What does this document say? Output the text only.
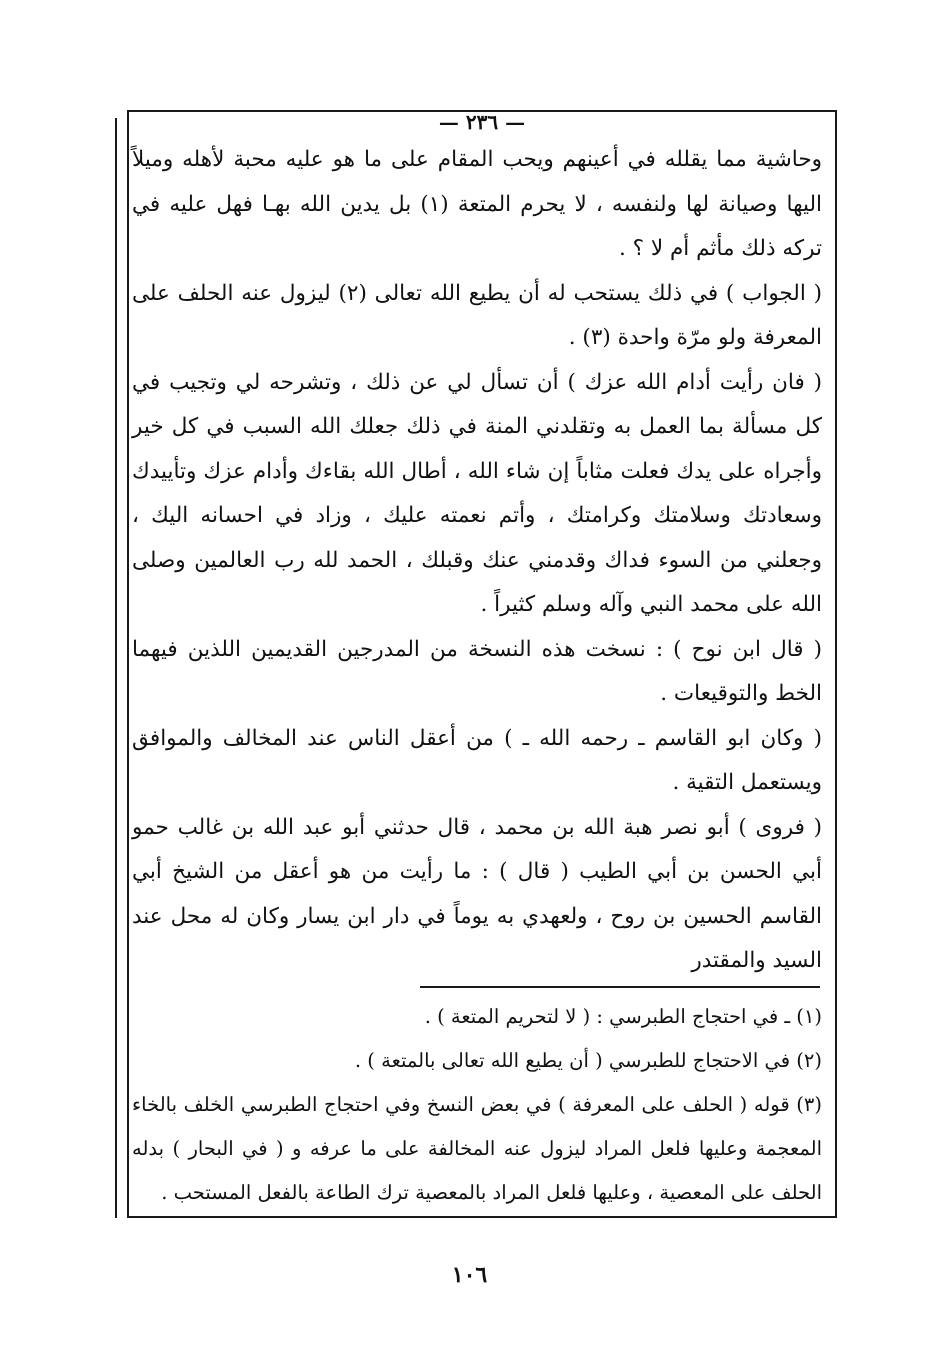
— ٢٣٦ —

وحاشية مما يقلله في أعينهم ويحب المقام على ما هو عليه محبة لأهله وميلاً اليها وصيانة لها ولنفسه ، لا يحرم المتعة (١) بل يدين الله بهـا فهل عليه في تركه ذلك مأثم أم لا ؟ .

( الجواب ) في ذلك يستحب له أن يطيع الله تعالى (٢) ليزول عنه الحلف على المعرفة ولو مرّة واحدة (٣) .

( فان رأيت أدام الله عزك ) أن تسأل لي عن ذلك ، وتشرحه لي وتجيب في كل مسألة بما العمل به وتقلدني المنة في ذلك جعلك الله السبب في كل خير وأجراه على يدك فعلت مثاباً إن شاء الله ، أطال الله بقاءك وأدام عزك وتأييدك وسعادتك وسلامتك وكرامتك ، وأتم نعمته عليك ، وزاد في احسانه اليك ، وجعلني من السوء فداك وقدمني عنك وقبلك ، الحمد لله رب العالمين وصلى الله على محمد النبي وآله وسلم كثيراً .

( قال ابن نوح ) : نسخت هذه النسخة من المدرجين القديمين اللذين فيهما الخط والتوقيعات .

( وكان ابو القاسم ـ رحمه الله ـ ) من أعقل الناس عند المخالف والموافق ويستعمل التقية .

( فروى ) أبو نصر هبة الله بن محمد ، قال حدثني أبو عبد الله بن غالب حمو أبي الحسن بن أبي الطيب ( قال ) : ما رأيت من هو أعقل من الشيخ أبي القاسم الحسين بن روح ، ولعهدي به يوماً في دار ابن يسار وكان له محل عند السيد والمقتدر

(١) ـ في احتجاج الطبرسي : ( لا لتحريم المتعة ) .

(٢) في الاحتجاج للطبرسي ( أن يطيع الله تعالى بالمتعة ) .

(٣) قوله ( الحلف على المعرفة ) في بعض النسخ وفي احتجاج الطبرسي الخلف بالخاء المعجمة وعليها فلعل المراد ليزول عنه المخالفة على ما عرفه و ( في البحار ) بدله الحلف على المعصية ، وعليها فلعل المراد بالمعصية ترك الطاعة بالفعل المستحب .

١٠٦
